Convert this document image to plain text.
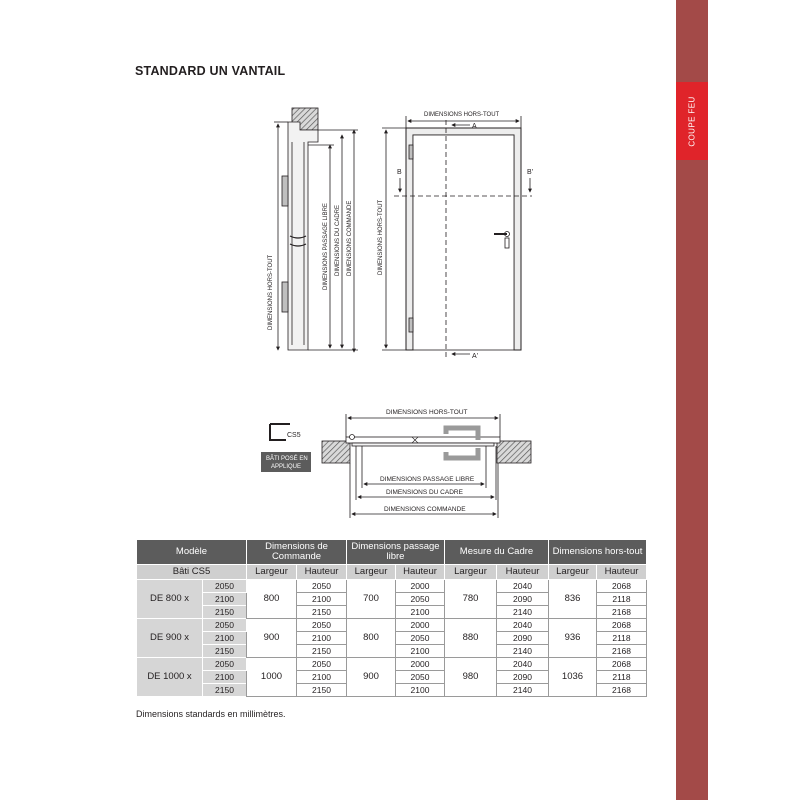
COUPE FEU
STANDARD UN VANTAIL
DIMENSIONS HORS-TOUT
DIMENSIONS PASSAGE LIBRE DIMENSIONS DU CADRE DIMENSIONS COMMANDE
DIMENSIONS HORS-TOUT
DIMENSIONS HORS-TOUT
A
A'
B	B'
DIMENSIONS HORS-TOUT
DIMENSIONS PASSAGE LIBRE
DIMENSIONS DU CADRE
DIMENSIONS COMMANDE
CS5
BÂTI POSÉ EN
APPLIQUE
Modèle		Dimensions de Commande		Dimensions passage libre		Mesure du Cadre		Dimensions hors-tout	
Bâti CS5		Largeur	Hauteur	Largeur	Hauteur	Largeur	Hauteur	Largeur	Hauteur
DE 800 x	2050	800	2050	700	2000	780	2040	836	2068
	2100		2100		2050		2090		2118
	2150		2150		2100		2140		2168
DE 900 x	2050	900	2050	800	2000	880	2040	936	2068
	2100		2100		2050		2090		2118
	2150		2150		2100		2140		2168
DE 1000 x	2050	1000	2050	900	2000	980	2040	1036	2068
	2100		2100		2050		2090		2118
	2150		2150		2100		2140		2168
Dimensions standards en millimètres.
